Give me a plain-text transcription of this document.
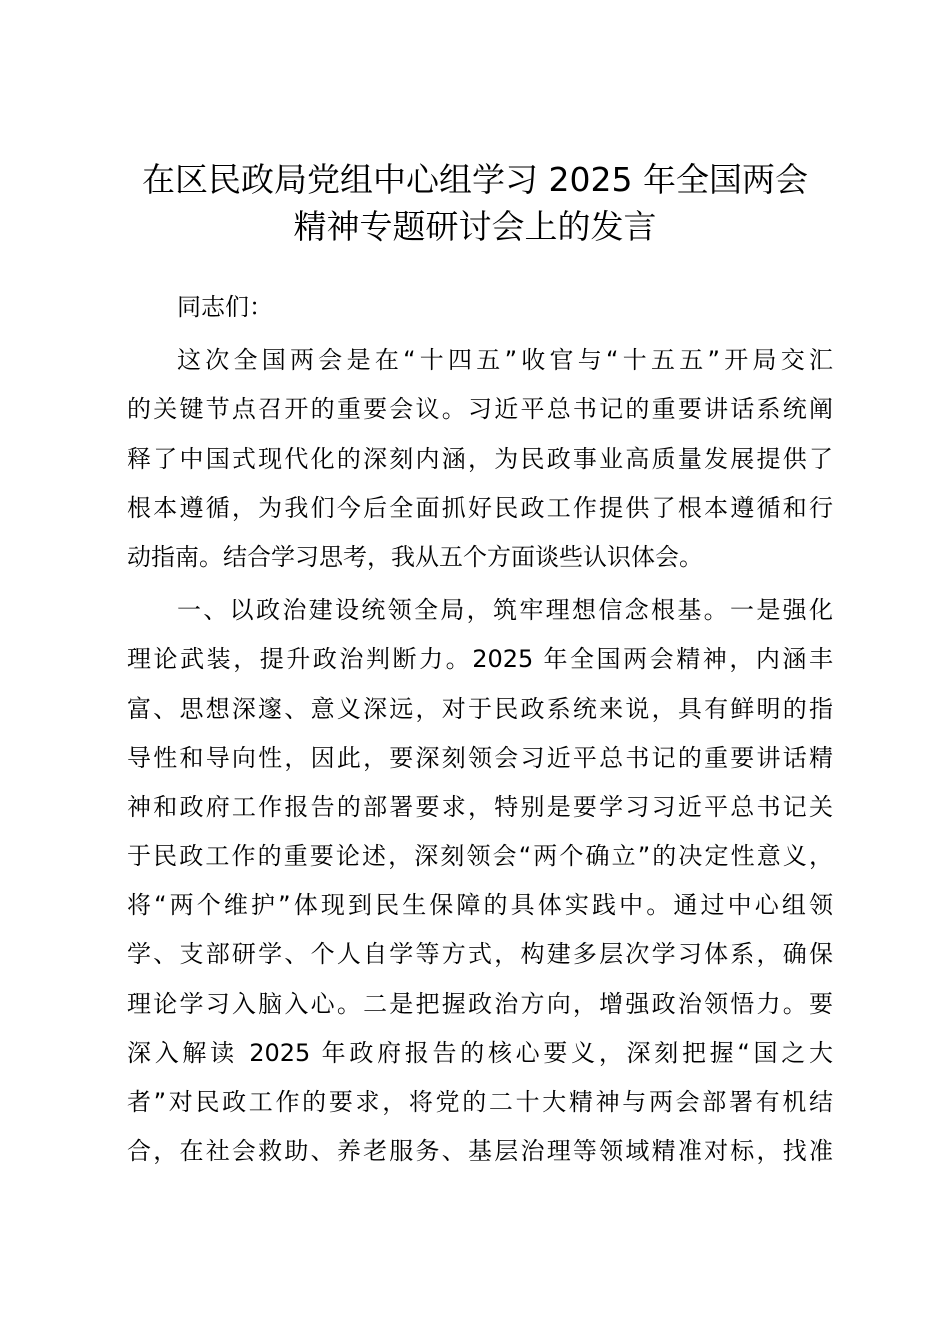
在区民政局党组中心组学习 2025 年全国两会
精神专题研讨会上的发言
同志们：
这次全国两会是在“十四五”收官与“十五五”开局交汇
的关键节点召开的重要会议。习近平总书记的重要讲话系统阐
释了中国式现代化的深刻内涵，为民政事业高质量发展提供了
根本遵循，为我们今后全面抓好民政工作提供了根本遵循和行
动指南。结合学习思考，我从五个方面谈些认识体会。
一、以政治建设统领全局，筑牢理想信念根基。一是强化
理论武装，提升政治判断力。2025 年全国两会精神，内涵丰
富、思想深邃、意义深远，对于民政系统来说，具有鲜明的指
导性和导向性，因此，要深刻领会习近平总书记的重要讲话精
神和政府工作报告的部署要求，特别是要学习习近平总书记关
于民政工作的重要论述，深刻领会“两个确立”的决定性意义，
将“两个维护”体现到民生保障的具体实践中。通过中心组领
学、支部研学、个人自学等方式，构建多层次学习体系，确保
理论学习入脑入心。二是把握政治方向，增强政治领悟力。要
深入解读 2025 年政府报告的核心要义，深刻把握“国之大
者”对民政工作的要求，将党的二十大精神与两会部署有机结
合，在社会救助、养老服务、基层治理等领域精准对标，找准
